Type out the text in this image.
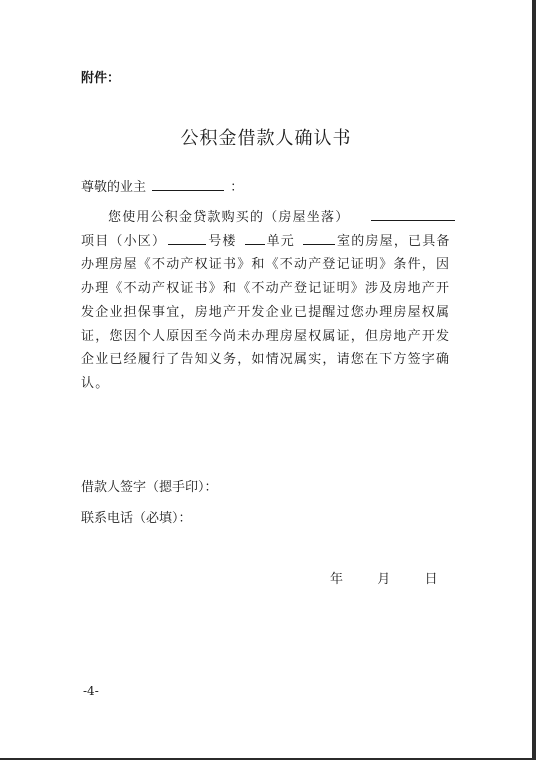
附件：
公积金借款人确认书
尊敬的业主	：
您使用公积金贷款购买的（房屋坐落）
项目（小区）	号楼 单元	室的房屋，已具备办理房屋《不动产权证书》和《不动产登记证明》条件，因办理《不动产权证书》和《不动产登记证明》涉及房地产开发企业担保事宜，房地产开发企业已提醒过您办理房屋权属证，您因个人原因至今尚未办理房屋权属证，但房地产开发企业已经履行了告知义务，如情况属实，请您在下方签字确认。
借款人签字（摁手印）：
联系电话（必填）：
年	月	日
-4-
